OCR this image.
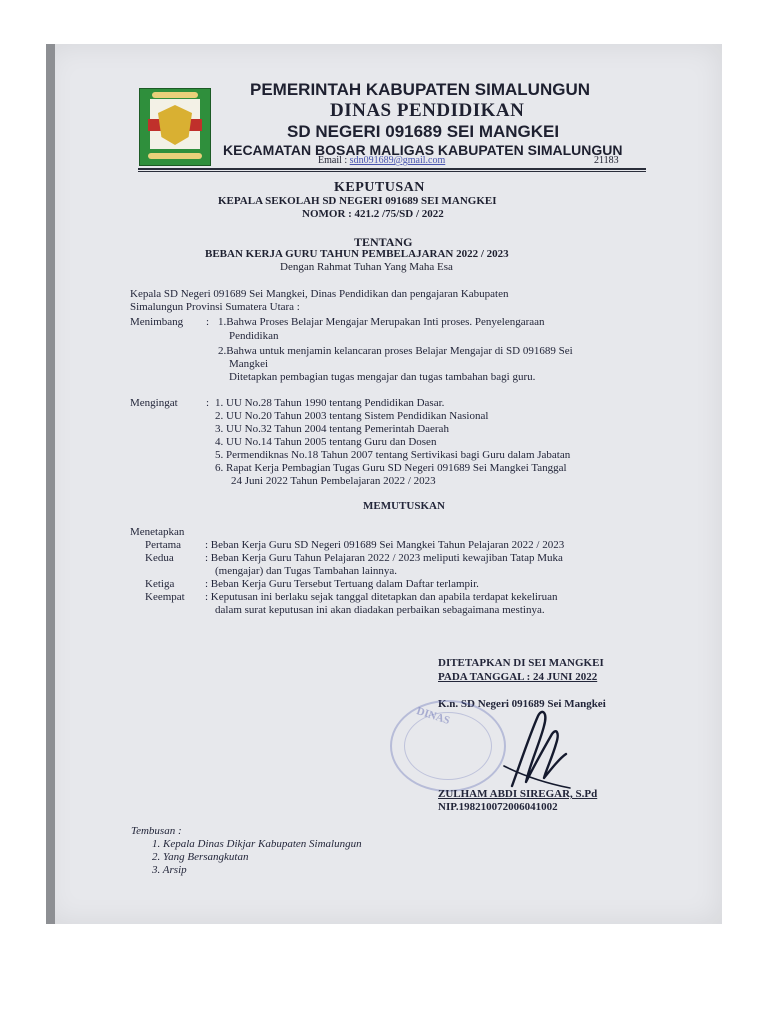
PEMERINTAH KABUPATEN SIMALUNGUN
DINAS PENDIDIKAN
SD NEGERI 091689 SEI MANGKEI
KECAMATAN BOSAR MALIGAS KABUPATEN SIMALUNGUN
Email : sdn091689@gmail.com	21183
KEPUTUSAN
KEPALA SEKOLAH SD NEGERI 091689 SEI MANGKEI
NOMOR : 421.2 /75/SD / 2022
TENTANG
BEBAN KERJA GURU TAHUN PEMBELAJARAN 2022 / 2023
Dengan Rahmat Tuhan Yang Maha Esa
Kepala SD Negeri 091689 Sei Mangkei, Dinas Pendidikan dan pengajaran Kabupaten
Simalungun Provinsi Sumatera Utara :
Menimbang : 1.Bahwa Proses Belajar Mengajar Merupakan Inti proses. Penyelengaraan
Pendidikan
2.Bahwa untuk menjamin kelancaran proses Belajar Mengajar di SD 091689 Sei
Mangkei
Ditetapkan pembagian tugas mengajar dan tugas tambahan bagi guru.
Mengingat	: 1. UU No.28 Tahun 1990 tentang Pendidikan Dasar.
2. UU No.20 Tahun 2003 tentang Sistem Pendidikan Nasional
3. UU No.32 Tahun 2004 tentang Pemerintah Daerah
4. UU No.14 Tahun 2005 tentang Guru dan Dosen
5. Permendiknas No.18 Tahun 2007 tentang Sertivikasi bagi Guru dalam Jabatan
6. Rapat Kerja Pembagian Tugas Guru SD Negeri 091689 Sei Mangkei Tanggal
24 Juni 2022 Tahun Pembelajaran 2022 / 2023
MEMUTUSKAN
Menetapkan
Pertama : Beban Kerja Guru SD Negeri 091689 Sei Mangkei Tahun Pelajaran 2022 / 2023
Kedua	: Beban Kerja Guru Tahun Pelajaran 2022 / 2023 meliputi kewajiban Tatap Muka
(mengajar) dan Tugas Tambahan lainnya.
Ketiga	: Beban Kerja Guru Tersebut Tertuang dalam Daftar terlampir.
Keempat : Keputusan ini berlaku sejak tanggal ditetapkan dan apabila terdapat kekeliruan
dalam surat keputusan ini akan diadakan perbaikan sebagaimana mestinya.
DITETAPKAN DI SEI MANGKEI
PADA TANGGAL : 24 JUNI 2022
K.n. SD Negeri 091689 Sei Mangkei
DINAS
ZULHAM ABDI SIREGAR, S.Pd
NIP.198210072006041002
Tembusan :
1. Kepala Dinas Dikjar Kabupaten Simalungun
2. Yang Bersangkutan
3. Arsip
